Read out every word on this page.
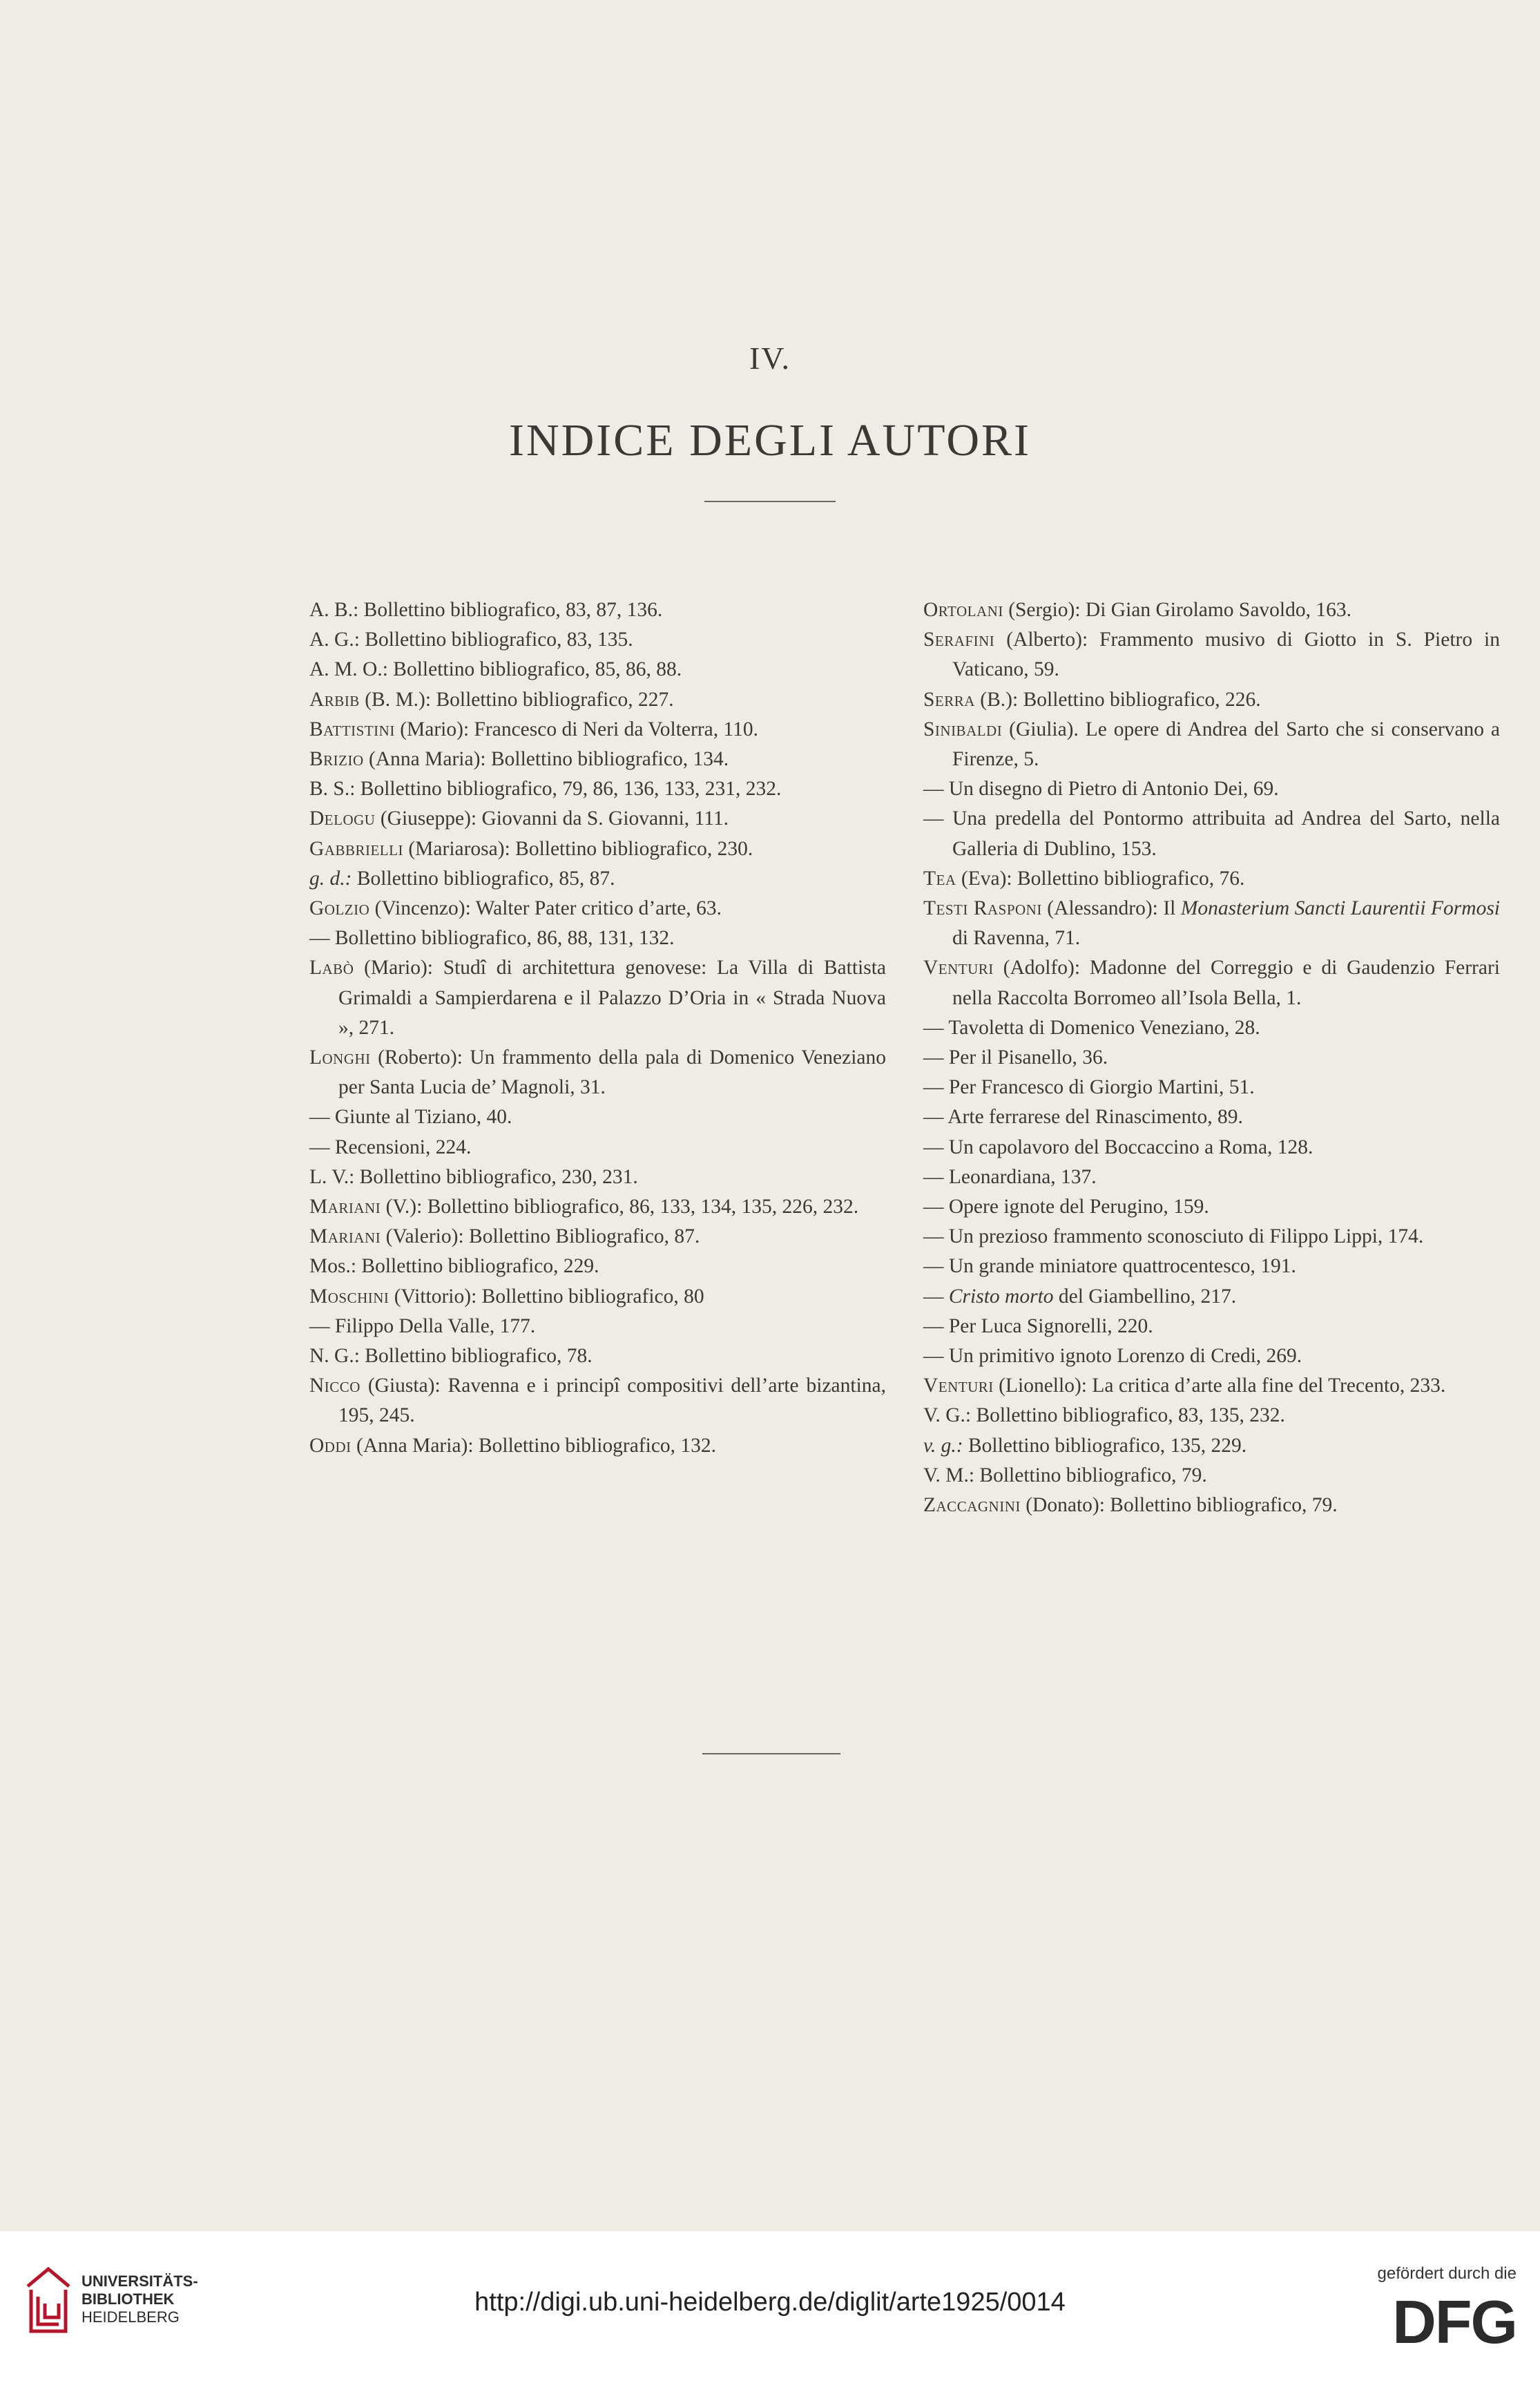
IV.
INDICE DEGLI AUTORI
A. B.: Bollettino bibliografico, 83, 87, 136.
A. G.: Bollettino bibliografico, 83, 135.
A. M. O.: Bollettino bibliografico, 85, 86, 88.
Arbib (B. M.): Bollettino bibliografico, 227.
Battistini (Mario): Francesco di Neri da Volterra, 110.
Brizio (Anna Maria): Bollettino bibliografico, 134.
B. S.: Bollettino bibliografico, 79, 86, 136, 133, 231, 232.
Delogu (Giuseppe): Giovanni da S. Giovanni, 111.
Gabbrielli (Mariarosa): Bollettino bibliografico, 230.
g. d.: Bollettino bibliografico, 85, 87.
Golzio (Vincenzo): Walter Pater critico d’arte, 63.
— Bollettino bibliografico, 86, 88, 131, 132.
Labò (Mario): Studî di architettura genovese: La Villa di Battista Grimaldi a Sampierdarena e il Palazzo D’Oria in « Strada Nuova », 271.
Longhi (Roberto): Un frammento della pala di Domenico Veneziano per Santa Lucia de’ Magnoli, 31.
— Giunte al Tiziano, 40.
— Recensioni, 224.
L. V.: Bollettino bibliografico, 230, 231.
Mariani (V.): Bollettino bibliografico, 86, 133, 134, 135, 226, 232.
Mariani (Valerio): Bollettino Bibliografico, 87.
Mos.: Bollettino bibliografico, 229.
Moschini (Vittorio): Bollettino bibliografico, 80
— Filippo Della Valle, 177.
N. G.: Bollettino bibliografico, 78.
Nicco (Giusta): Ravenna e i principî compositivi dell’arte bizantina, 195, 245.
Oddi (Anna Maria): Bollettino bibliografico, 132.
Ortolani (Sergio): Di Gian Girolamo Savoldo, 163.
Serafini (Alberto): Frammento musivo di Giotto in S. Pietro in Vaticano, 59.
Serra (B.): Bollettino bibliografico, 226.
Sinibaldi (Giulia). Le opere di Andrea del Sarto che si conservano a Firenze, 5.
— Un disegno di Pietro di Antonio Dei, 69.
— Una predella del Pontormo attribuita ad Andrea del Sarto, nella Galleria di Dublino, 153.
Tea (Eva): Bollettino bibliografico, 76.
Testi Rasponi (Alessandro): Il Monasterium Sancti Laurentii Formosi di Ravenna, 71.
Venturi (Adolfo): Madonne del Correggio e di Gaudenzio Ferrari nella Raccolta Borromeo all’Isola Bella, 1.
— Tavoletta di Domenico Veneziano, 28.
— Per il Pisanello, 36.
— Per Francesco di Giorgio Martini, 51.
— Arte ferrarese del Rinascimento, 89.
— Un capolavoro del Boccaccino a Roma, 128.
— Leonardiana, 137.
— Opere ignote del Perugino, 159.
— Un prezioso frammento sconosciuto di Filippo Lippi, 174.
— Un grande miniatore quattrocentesco, 191.
— Cristo morto del Giambellino, 217.
— Per Luca Signorelli, 220.
— Un primitivo ignoto Lorenzo di Credi, 269.
Venturi (Lionello): La critica d’arte alla fine del Trecento, 233.
V. G.: Bollettino bibliografico, 83, 135, 232.
v. g.: Bollettino bibliografico, 135, 229.
V. M.: Bollettino bibliografico, 79.
Zaccagnini (Donato): Bollettino bibliografico, 79.
UNIVERSITÄTS-
BIBLIOTHEK
HEIDELBERG
http://digi.ub.uni-heidelberg.de/diglit/arte1925/0014
gefördert durch die
DFG
